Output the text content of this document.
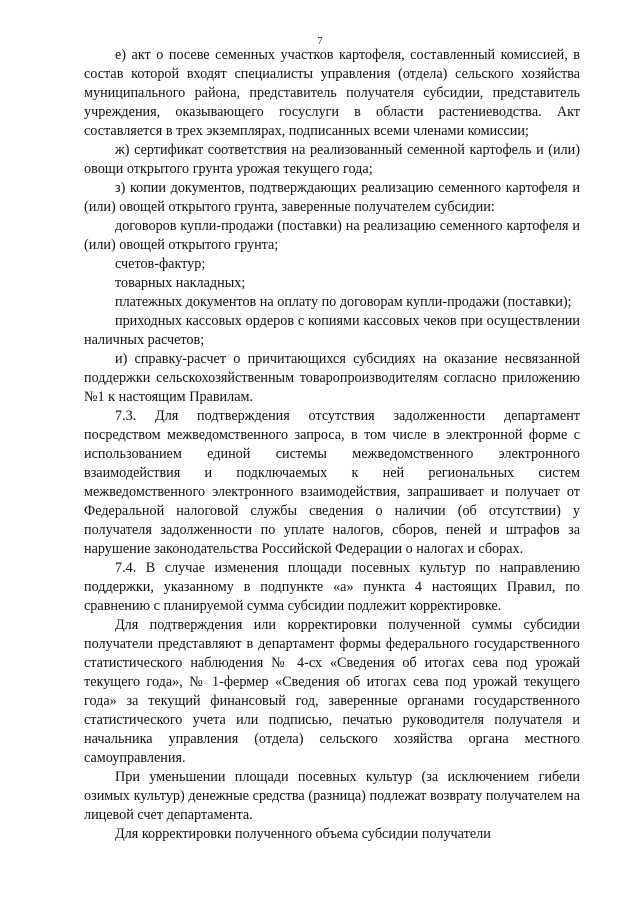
7

е) акт о посеве семенных участков картофеля, составленный комиссией, в состав которой входят специалисты управления (отдела) сельского хозяйства муниципального района, представитель получателя субсидии, представитель учреждения, оказывающего госуслуги в области растениеводства. Акт составляется в трех экземплярах, подписанных всеми членами комиссии;

ж) сертификат соответствия на реализованный семенной картофель и (или) овощи открытого грунта урожая текущего года;

з) копии документов, подтверждающих реализацию семенного картофеля и (или) овощей открытого грунта, заверенные получателем субсидии:

договоров купли-продажи (поставки) на реализацию семенного картофеля и (или) овощей открытого грунта;

счетов-фактур;

товарных накладных;

платежных документов на оплату по договорам купли-продажи (поставки);

приходных кассовых ордеров с копиями кассовых чеков при осуществлении наличных расчетов;

и) справку-расчет о причитающихся субсидиях на оказание несвязанной поддержки сельскохозяйственным товаропроизводителям согласно приложению №1 к настоящим Правилам.

7.3. Для подтверждения отсутствия задолженности департамент посредством межведомственного запроса, в том числе в электронной форме с использованием единой системы межведомственного электронного взаимодействия и подключаемых к ней региональных систем межведомственного электронного взаимодействия, запрашивает и получает от Федеральной налоговой службы сведения о наличии (об отсутствии) у получателя задолженности по уплате налогов, сборов, пеней и штрафов за нарушение законодательства Российской Федерации о налогах и сборах.

7.4. В случае изменения площади посевных культур по направлению поддержки, указанному в подпункте «а» пункта 4 настоящих Правил, по сравнению с планируемой сумма субсидии подлежит корректировке.

Для подтверждения или корректировки полученной суммы субсидии получатели представляют в департамент формы федерального государственного статистического наблюдения № 4-сх «Сведения об итогах сева под урожай текущего года», № 1-фермер «Сведения об итогах сева под урожай текущего года» за текущий финансовый год, заверенные органами государственного статистического учета или подписью, печатью руководителя получателя и начальника управления (отдела) сельского хозяйства органа местного самоуправления.

При уменьшении площади посевных культур (за исключением гибели озимых культур) денежные средства (разница) подлежат возврату получателем на лицевой счет департамента.

Для корректировки полученного объема субсидии получатели
